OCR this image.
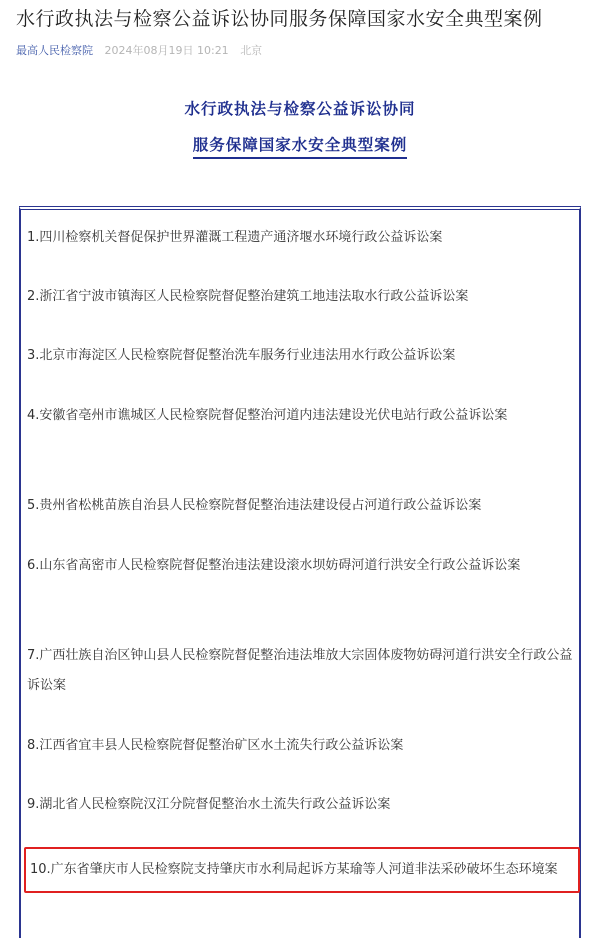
水行政执法与检察公益诉讼协同服务保障国家水安全典型案例
最高人民检察院 2024年08月19日 10:21 北京
水行政执法与检察公益诉讼协同
服务保障国家水安全典型案例

1.四川检察机关督促保护世界灌溉工程遗产通济堰水环境行政公益诉讼案

2.浙江省宁波市镇海区人民检察院督促整治建筑工地违法取水行政公益诉讼案

3.北京市海淀区人民检察院督促整治洗车服务行业违法用水行政公益诉讼案

4.安徽省亳州市谯城区人民检察院督促整治河道内违法建设光伏电站行政公益诉讼案

5.贵州省松桃苗族自治县人民检察院督促整治违法建设侵占河道行政公益诉讼案

6.山东省高密市人民检察院督促整治违法建设滚水坝妨碍河道行洪安全行政公益诉讼案

7.广西壮族自治区钟山县人民检察院督促整治违法堆放大宗固体废物妨碍河道行洪安全行政公益诉讼案

8.江西省宜丰县人民检察院督促整治矿区水土流失行政公益诉讼案

9.湖北省人民检察院汉江分院督促整治水土流失行政公益诉讼案

10.广东省肇庆市人民检察院支持肇庆市水利局起诉方某瑜等人河道非法采砂破坏生态环境案
